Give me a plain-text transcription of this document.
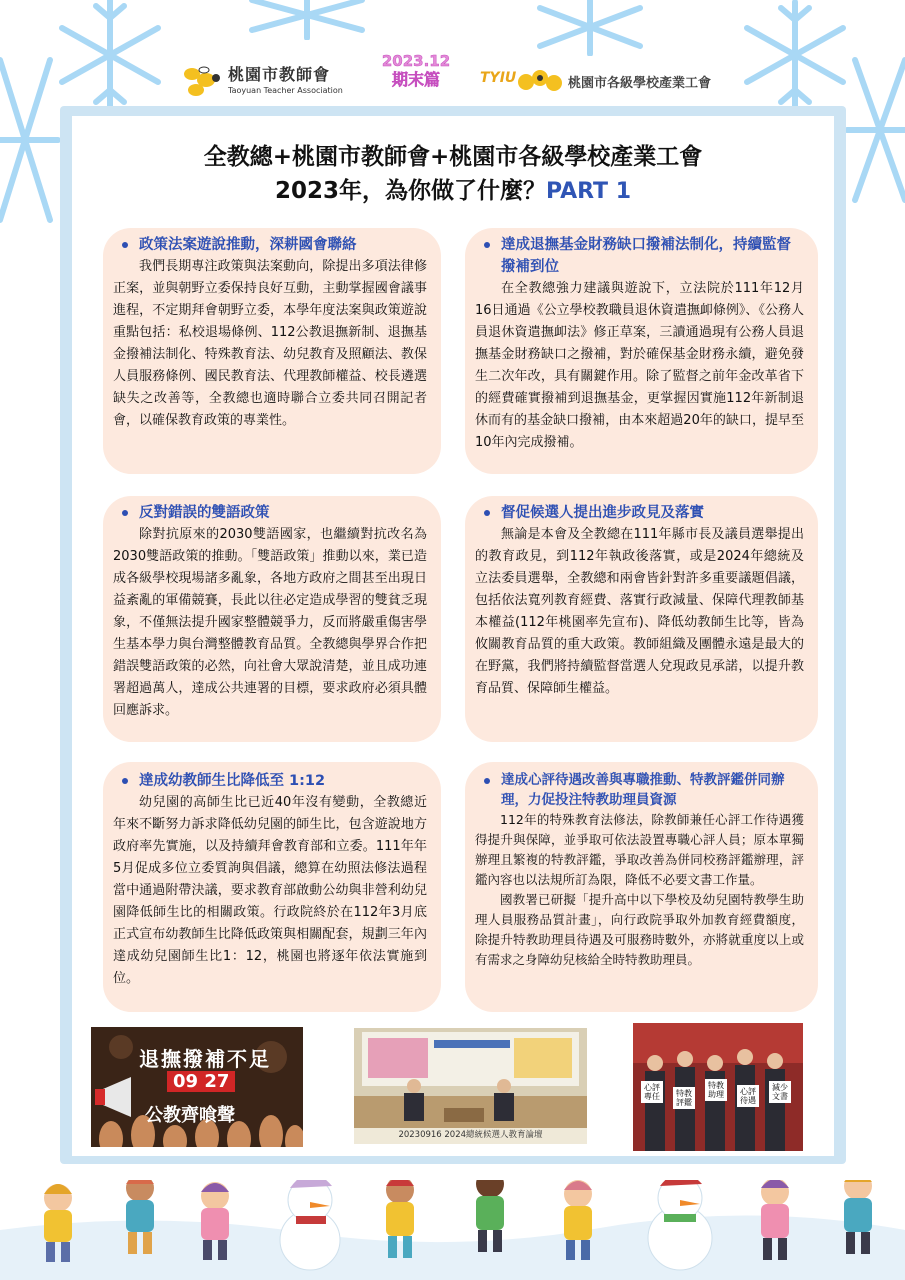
桃園市教師會
Taoyuan Teacher Association
2023.12
期末篇	TYIU	桃園市各級學校產業工會
全教總+桃園市教師會+桃園市各級學校產業工會
2023年，為你做了什麼？PART 1
政策法案遊說推動，深耕國會聯絡

我們長期專注政策與法案動向，除提出多項法律修正案，並與朝野立委保持良好互動，主動掌握國會議事進程，不定期拜會朝野立委，本學年度法案與政策遊說重點包括：私校退場條例、112公教退撫新制、退撫基金撥補法制化、特殊教育法、幼兒教育及照顧法、教保人員服務條例、國民教育法、代理教師權益、校長遴選缺失之改善等，全教總也適時聯合立委共同召開記者會，以確保教育政策的專業性。

達成退撫基金財務缺口撥補法制化，持續監督撥補到位

在全教總強力建議與遊說下，立法院於111年12月16日通過《公立學校教職員退休資遣撫卹條例》、《公務人員退休資遣撫卹法》修正草案，三讀通過現有公務人員退撫基金財務缺口之撥補，對於確保基金財務永續，避免發生二次年改，具有關鍵作用。除了監督之前年金改革省下的經費確實撥補到退撫基金，更掌握因實施112年新制退休而有的基金缺口撥補，由本來超過20年的缺口，提早至10年內完成撥補。

反對錯誤的雙語政策

除對抗原來的2030雙語國家，也繼續對抗改名為2030雙語政策的推動。「雙語政策」推動以來，業已造成各級學校現場諸多亂象，各地方政府之間甚至出現日益紊亂的軍備競賽，長此以往必定造成學習的雙貧乏現象，不僅無法提升國家整體競爭力，反而將嚴重傷害學生基本學力與台灣整體教育品質。全教總與學界合作把錯誤雙語政策的必然，向社會大眾說清楚，並且成功連署超過萬人，達成公共連署的目標，要求政府必須具體回應訴求。

督促候選人提出進步政見及落實

無論是本會及全教總在111年縣市長及議員選舉提出的教育政見，到112年執政後落實，或是2024年總統及立法委員選舉，全教總和兩會皆針對許多重要議題倡議，包括依法寬列教育經費、落實行政減量、保障代理教師基本權益(112年桃園率先宣布)、降低幼教師生比等，皆為攸關教育品質的重大政策。教師組織及團體永遠是最大的在野黨，我們將持續監督當選人兌現政見承諾，以提升教育品質、保障師生權益。

達成幼教師生比降低至 1:12

幼兒園的高師生比已近40年沒有變動，全教總近年來不斷努力訴求降低幼兒園的師生比，包含遊說地方政府率先實施，以及持續拜會教育部和立委。111年年5月促成多位立委質詢與倡議，總算在幼照法修法過程當中通過附帶決議，要求教育部啟動公幼與非營利幼兒園降低師生比的相關政策。行政院終於在112年3月底正式宣布幼教師生比降低政策與相關配套，規劃三年內達成幼兒園師生比1：12，桃園也將逐年依法實施到位。

達成心評待遇改善與專職推動、特教評鑑併同辦理，力促投注特教助理員資源

112年的特殊教育法修法，除教師兼任心評工作待遇獲得提升與保障，並爭取可依法設置專職心評人員；原本單獨辦理且繁複的特教評鑑，爭取改善為併同校務評鑑辦理，評鑑內容也以法規所訂為限，降低不必要文書工作量。

國教署已研擬「提升高中以下學校及幼兒園特教學生助理人員服務品質計畫」，向行政院爭取外加教育經費額度，除提升特教助理員待遇及可服務時數外，亦將就重度以上或有需求之身障幼兒核給全時特教助理員。

退撫撥補不足
09 27
公教齊喰聲
20230916 2024總統候選人教育論壇
心評專任	特教評鑑
特教助理	心評待遇
減少文書
